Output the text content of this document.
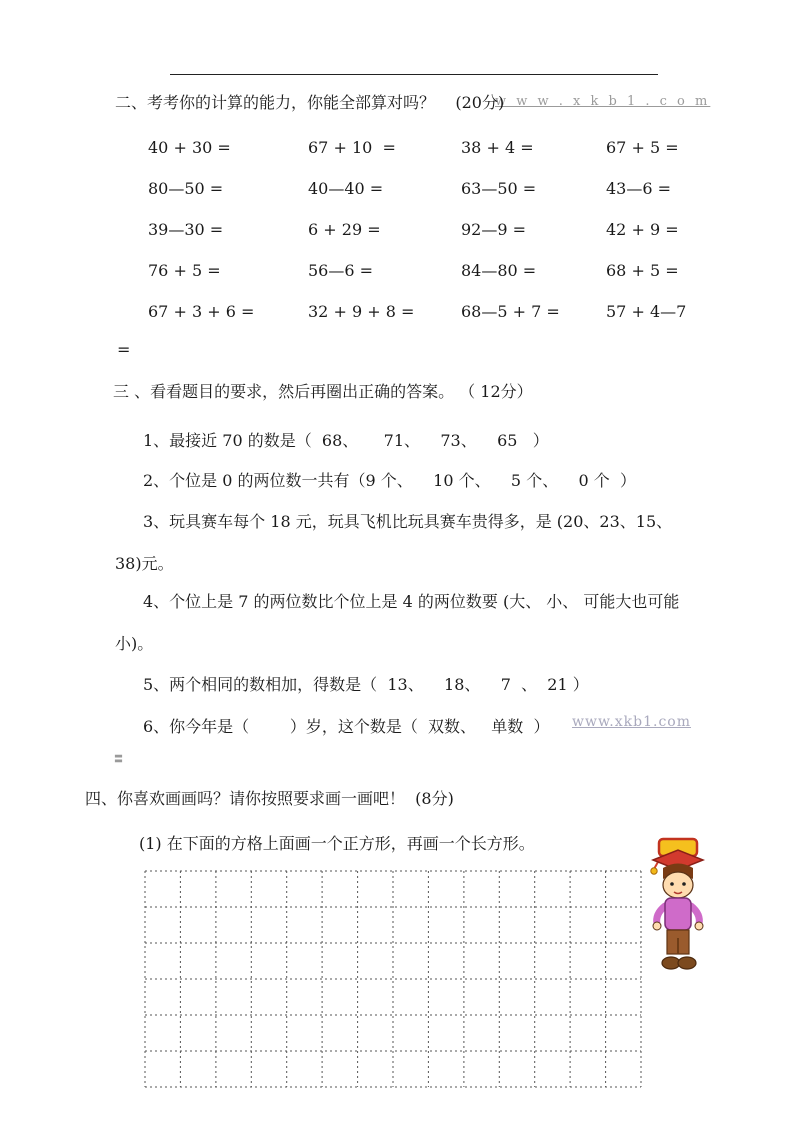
w w w . x k b 1 . c o m
二、考考你的计算的能力，你能全部算对吗？    (20分)
40 + 30 =	67 + 10  =	38 + 4 =	67 + 5 =
80—50 =	40—40 =	63—50 =	43—6 =
39—30 =	6 + 29 =	92—9 =	42 + 9 =
76 + 5 =	56—6 =	84—80 =	68 + 5 =
67 + 3 + 6 =	32 + 9 + 8 =	68—5 + 7 =	57 + 4—7
=
三 、看看题目的要求，然后再圈出正确的答案。 （ 12分）
1、最接近 70 的数是（  68、     71、    73、    65   ）
2、个位是 0 的两位数一共有（9 个、    10 个、    5 个、    0 个  ）
3、玩具赛车每个 18 元，玩具飞机比玩具赛车贵得多，是 (20、23、15、38)元。
4、个位上是 7 的两位数比个位上是 4 的两位数要 (大、 小、 可能大也可能小)。
5、两个相同的数相加，得数是（  13、    18、    7  、  21 ）
6、你今年是（        ）岁，这个数是（  双数、   单数  ）	www.xkb1.com
〓
四、你喜欢画画吗？请你按照要求画一画吧！  (8分)
(1) 在下面的方格上面画一个正方形，再画一个长方形。
